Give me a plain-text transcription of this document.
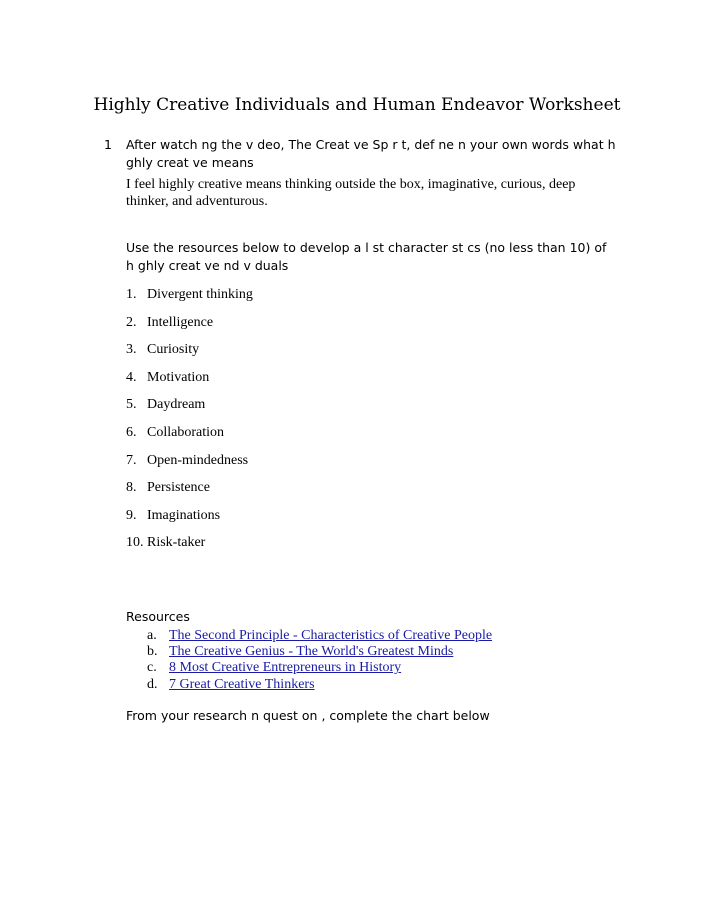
Highly Creative Individuals and Human Endeavor Worksheet
1 After watch ng the v deo, The Creat ve Sp r t, def ne n your own words what h ghly creat ve means
I feel highly creative means thinking outside the box, imaginative, curious, deep thinker, and adventurous.
Use the resources below to develop a l st character st cs (no less than 10) of h ghly creat ve nd v duals
1. Divergent thinking
2. Intelligence
3. Curiosity
4. Motivation
5. Daydream
6. Collaboration
7. Open-mindedness
8. Persistence
9. Imaginations
10. Risk-taker
Resources
a. The Second Principle - Characteristics of Creative People
b. The Creative Genius - The World's Greatest Minds
c. 8 Most Creative Entrepreneurs in History
d. 7 Great Creative Thinkers
From your research n quest on , complete the chart below
